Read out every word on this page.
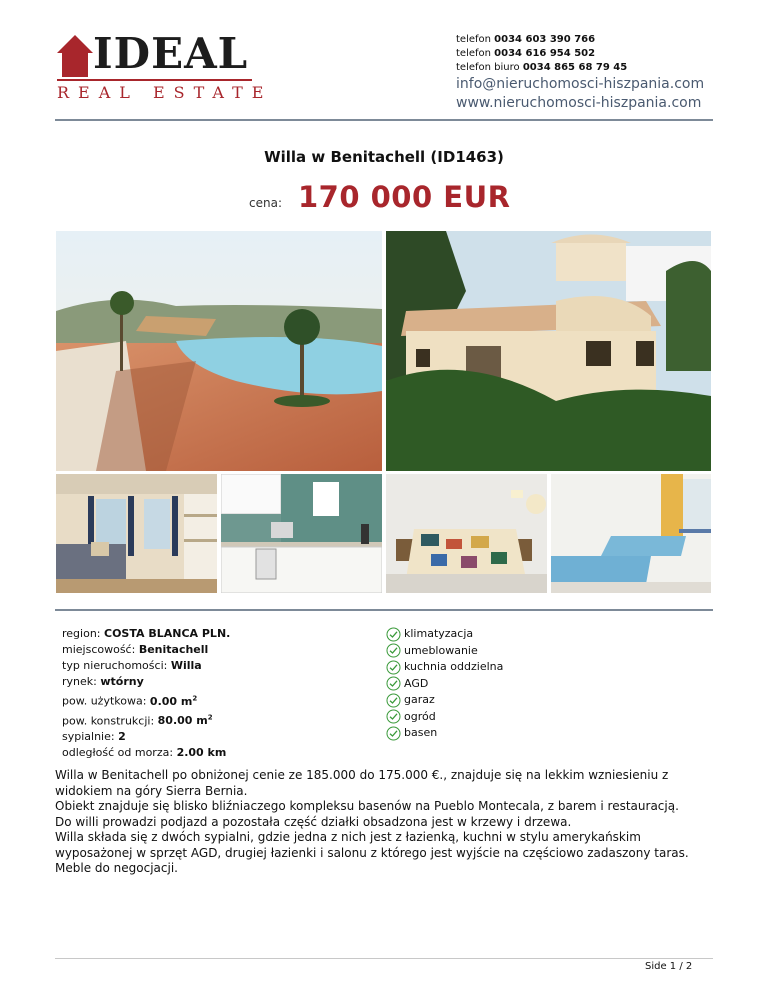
IDEAL
REAL ESTATE
telefon 0034 603 390 766
telefon 0034 616 954 502
telefon biuro 0034 865 68 79 45
info@nieruchomosci-hiszpania.com
www.nieruchomosci-hiszpania.com
Willa w Benitachell (ID1463)
cena: 170 000 EUR
region: COSTA BLANCA PLN.
miejscowość: Benitachell
typ nieruchomości: Willa
rynek: wtórny
pow. użytkowa: 0.00 $m^2$
pow. konstrukcji: 80.00 $m^2$
sypialnie: 2
odległość od morza: 2.00 km
klimatyzacja
umeblowanie
kuchnia oddzielna
AGD
garaz
ogród
basen

Willa w Benitachell po obniżonej cenie ze 185.000 do 175.000 €., znajduje się na lekkim wzniesieniu z widokiem na góry Sierra Bernia.

Obiekt znajduje się blisko bliźniaczego kompleksu basenów na Pueblo Montecala, z barem i restauracją.

Do willi prowadzi podjazd a pozostała część działki obsadzona jest w krzewy i drzewa.

Willa składa się z dwóch sypialni, gdzie jedna z nich jest z łazienką, kuchni w stylu amerykańskim wyposażonej w sprzęt AGD, drugiej łazienki i salonu z którego jest wyjście na częściowo zadaszony taras.

Meble do negocjacji.

Side 1 / 2
